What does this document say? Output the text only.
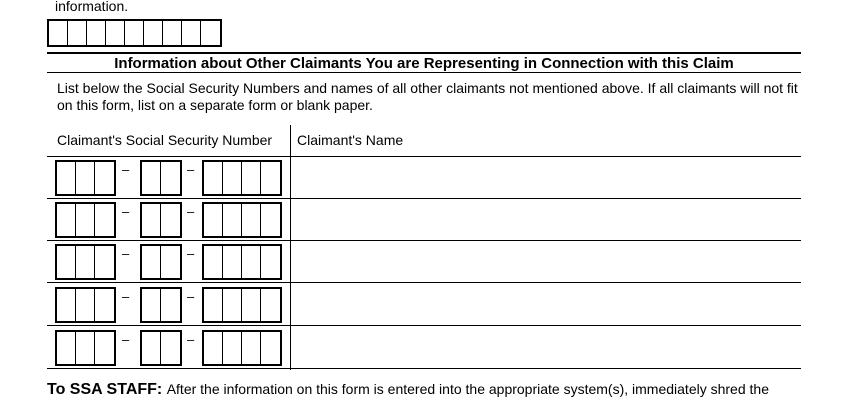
information.
Information about Other Claimants You are Representing in Connection with this Claim
List below the Social Security Numbers and names of all other claimants not mentioned above. If all claimants will not fit on this form, list on a separate form or blank paper.
Claimant's Social Security Number Claimant's Name
–	–
–	–
–	–
–	–
–	–
To SSA STAFF: After the information on this form is entered into the appropriate system(s), immediately shred the
